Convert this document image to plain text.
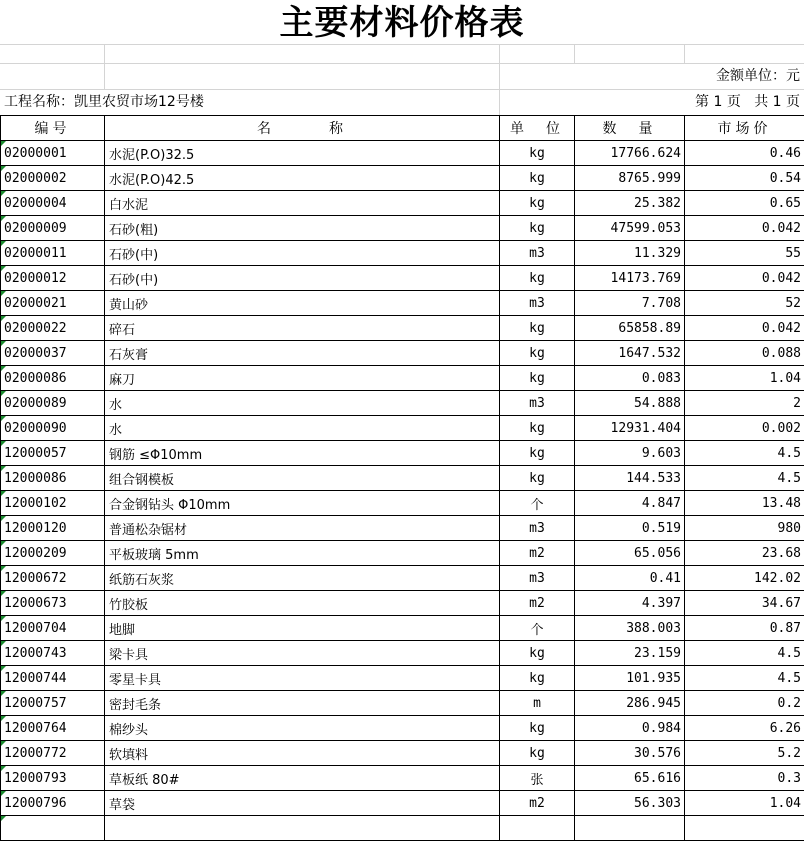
主要材料价格表
金额单位：元
工程名称：凯里农贸市场12号楼	第 1 页   共 1 页
编号	名　　　称	单　位	数　量	市场价
02000001	水泥(P.O)32.5	kg	17766.624	0.46
02000002	水泥(P.O)42.5	kg	8765.999	0.54
02000004	白水泥	kg	25.382	0.65
02000009	石砂(粗)	kg	47599.053	0.042
02000011	石砂(中)	m3	11.329	55
02000012	石砂(中)	kg	14173.769	0.042
02000021	黄山砂	m3	7.708	52
02000022	碎石	kg	65858.89	0.042
02000037	石灰膏	kg	1647.532	0.088
02000086	麻刀	kg	0.083	1.04
02000089	水	m3	54.888	2
02000090	水	kg	12931.404	0.002
12000057	钢筋 ≤Φ10mm	kg	9.603	4.5
12000086	组合钢模板	kg	144.533	4.5
12000102	合金钢钻头 Φ10mm	个	4.847	13.48
12000120	普通松杂锯材	m3	0.519	980
12000209	平板玻璃 5mm	m2	65.056	23.68
12000672	纸筋石灰浆	m3	0.41	142.02
12000673	竹胶板	m2	4.397	34.67
12000704	地脚	个	388.003	0.87
12000743	梁卡具	kg	23.159	4.5
12000744	零星卡具	kg	101.935	4.5
12000757	密封毛条	m	286.945	0.2
12000764	棉纱头	kg	0.984	6.26
12000772	软填料	kg	30.576	5.2
12000793	草板纸 80#	张	65.616	0.3
12000796	草袋	m2	56.303	1.04
